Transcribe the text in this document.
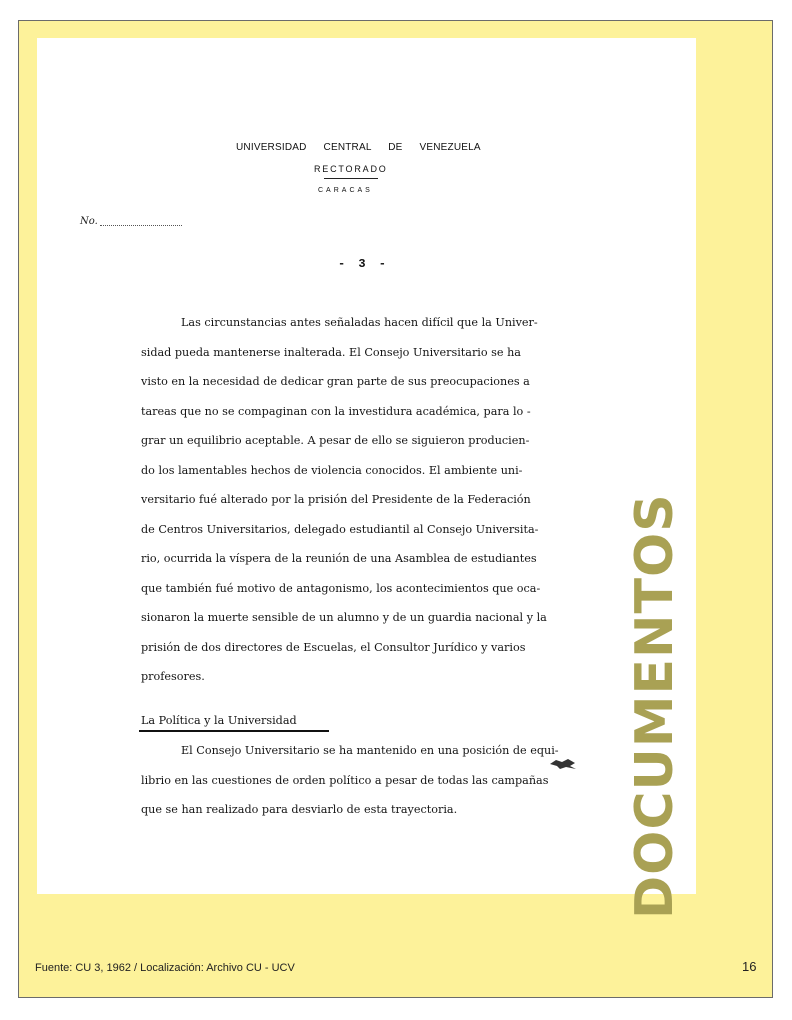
UNIVERSIDAD CENTRAL DE VENEZUELA
RECTORADO
CARACAS
No.
- 3 -
Las circunstancias antes señaladas hacen difícil que la Univer-
sidad pueda mantenerse inalterada. El Consejo Universitario se ha
visto en la necesidad de dedicar gran parte de sus preocupaciones a
tareas que no se compaginan con la investidura académica, para lo -
grar un equilibrio aceptable. A pesar de ello se siguieron producien-
do los lamentables hechos de violencia conocidos. El ambiente uni-
versitario fué alterado por la prisión del Presidente de la Federación
de Centros Universitarios, delegado estudiantil al Consejo Universita-
rio, ocurrida la víspera de la reunión de una Asamblea de estudiantes
que también fué motivo de antagonismo, los acontecimientos que oca-
sionaron la muerte sensible de un alumno y de un guardia nacional y la
prisión de dos directores de Escuelas, el Consultor Jurídico y varios
profesores.
La Política y la Universidad
El Consejo Universitario se ha mantenido en una posición de equi-
librio en las cuestiones de orden político a pesar de todas las campañas
que se han realizado para desviarlo de esta trayectoria.	DOCUMENTOS
Fuente: CU 3, 1962 / Localización: Archivo CU - UCV	16
